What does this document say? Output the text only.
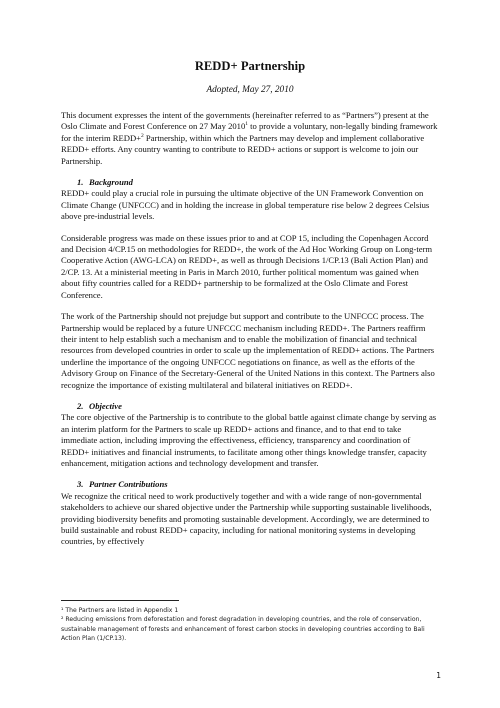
REDD+ Partnership
Adopted, May 27, 2010

This document expresses the intent of the governments (hereinafter referred to as “Partners”) present at the Oslo Climate and Forest Conference on 27 May 2010$^1$ to provide a voluntary, non-legally binding framework for the interim REDD+$^2$ Partnership, within which the Partners may develop and implement collaborative REDD+ efforts. Any country wanting to contribute to REDD+ actions or support is welcome to join our Partnership.

1. Background

REDD+ could play a crucial role in pursuing the ultimate objective of the UN Framework Convention on Climate Change (UNFCCC) and in holding the increase in global temperature rise below 2 degrees Celsius above pre-industrial levels.

Considerable progress was made on these issues prior to and at COP 15, including the Copenhagen Accord and Decision 4/CP.15 on methodologies for REDD+, the work of the Ad Hoc Working Group on Long-term Cooperative Action (AWG-LCA) on REDD+, as well as through Decisions 1/CP.13 (Bali Action Plan) and 2/CP. 13. At a ministerial meeting in Paris in March 2010, further political momentum was gained when about fifty countries called for a REDD+ partnership to be formalized at the Oslo Climate and Forest Conference.

The work of the Partnership should not prejudge but support and contribute to the UNFCCC process. The Partnership would be replaced by a future UNFCCC mechanism including REDD+. The Partners reaffirm their intent to help establish such a mechanism and to enable the mobilization of financial and technical resources from developed countries in order to scale up the implementation of REDD+ actions. The Partners underline the importance of the ongoing UNFCCC negotiations on finance, as well as the efforts of the Advisory Group on Finance of the Secretary-General of the United Nations in this context. The Partners also recognize the importance of existing multilateral and bilateral initiatives on REDD+.

2. Objective

The core objective of the Partnership is to contribute to the global battle against climate change by serving as an interim platform for the Partners to scale up REDD+ actions and finance, and to that end to take immediate action, including improving the effectiveness, efficiency, transparency and coordination of REDD+ initiatives and financial instruments, to facilitate among other things knowledge transfer, capacity enhancement, mitigation actions and technology development and transfer.

3. Partner Contributions

We recognize the critical need to work productively together and with a wide range of non-governmental stakeholders to achieve our shared objective under the Partnership while supporting sustainable livelihoods, providing biodiversity benefits and promoting sustainable development. Accordingly, we are determined to build sustainable and robust REDD+ capacity, including for national monitoring systems in developing countries, by effectively

¹ The Partners are listed in Appendix 1
² Reducing emissions from deforestation and forest degradation in developing countries, and the role of conservation, sustainable management of forests and enhancement of forest carbon stocks in developing countries according to Bali Action Plan (1/CP.13).
1
